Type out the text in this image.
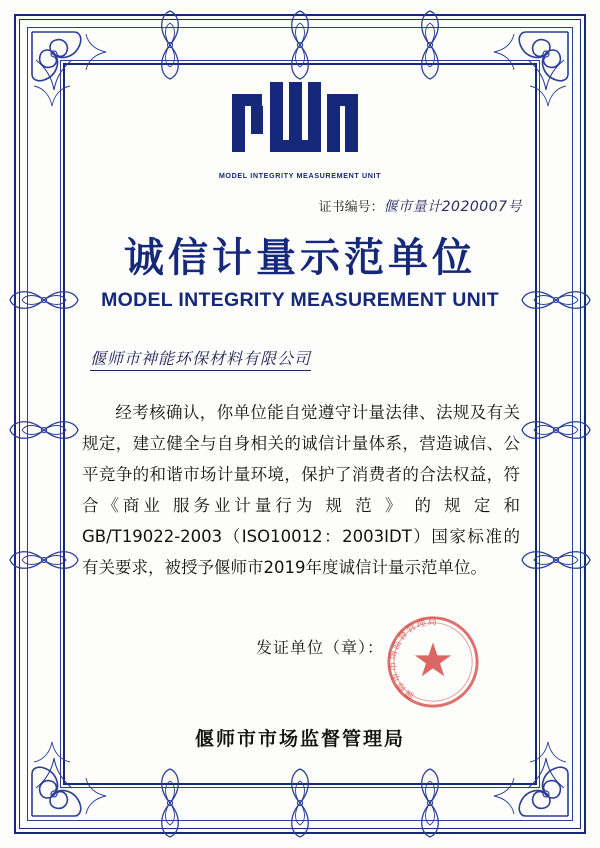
MODEL INTEGRITY MEASUREMENT UNIT
证书编号：偃市量计2020007号
诚信计量示范单位
MODEL INTEGRITY MEASUREMENT UNIT
偃师市神能环保材料有限公司
经考核确认，你单位能自觉遵守计量法律、法规及有关规定，建立健全与自身相关的诚信计量体系，营造诚信、公平竞争的和谐市场计量环境，保护了消费者的合法权益，符合《商业 服务业计量行为 规 范 》 的 规 定 和 GB/T19022-2003（ISO10012：2003IDT）国家标准的有关要求，被授予偃师市2019年度诚信计量示范单位。
发证单位（章）：
偃师市市场监督管理局
偃师市市场监督管理局
